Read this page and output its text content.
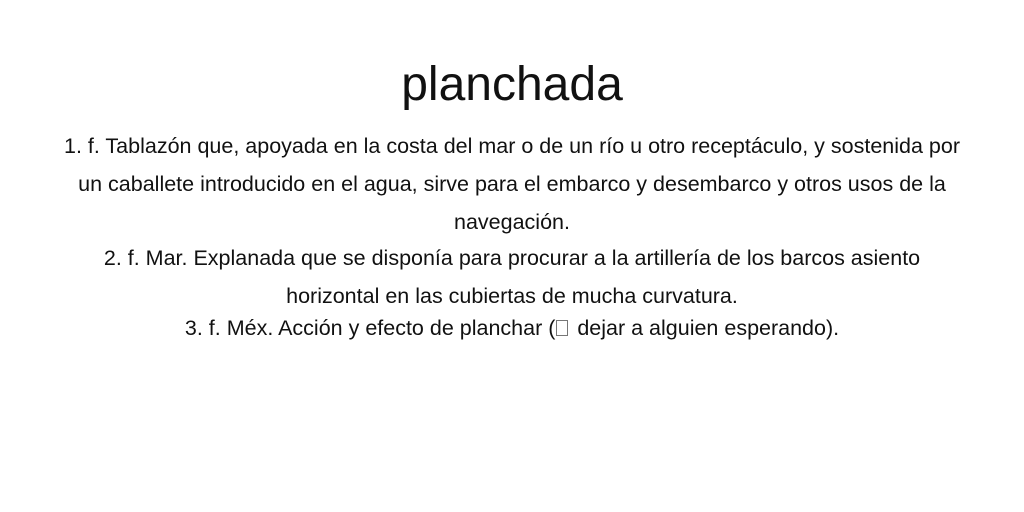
planchada
1. f. Tablazón que, apoyada en la costa del mar o de un río u otro receptáculo, y sostenida por un caballete introducido en el agua, sirve para el embarco y desembarco y otros usos de la navegación.
2. f. Mar. Explanada que se disponía para procurar a la artillería de los barcos asiento horizontal en las cubiertas de mucha curvatura.
3. f. Méx. Acción y efecto de planchar ( dejar a alguien esperando).
